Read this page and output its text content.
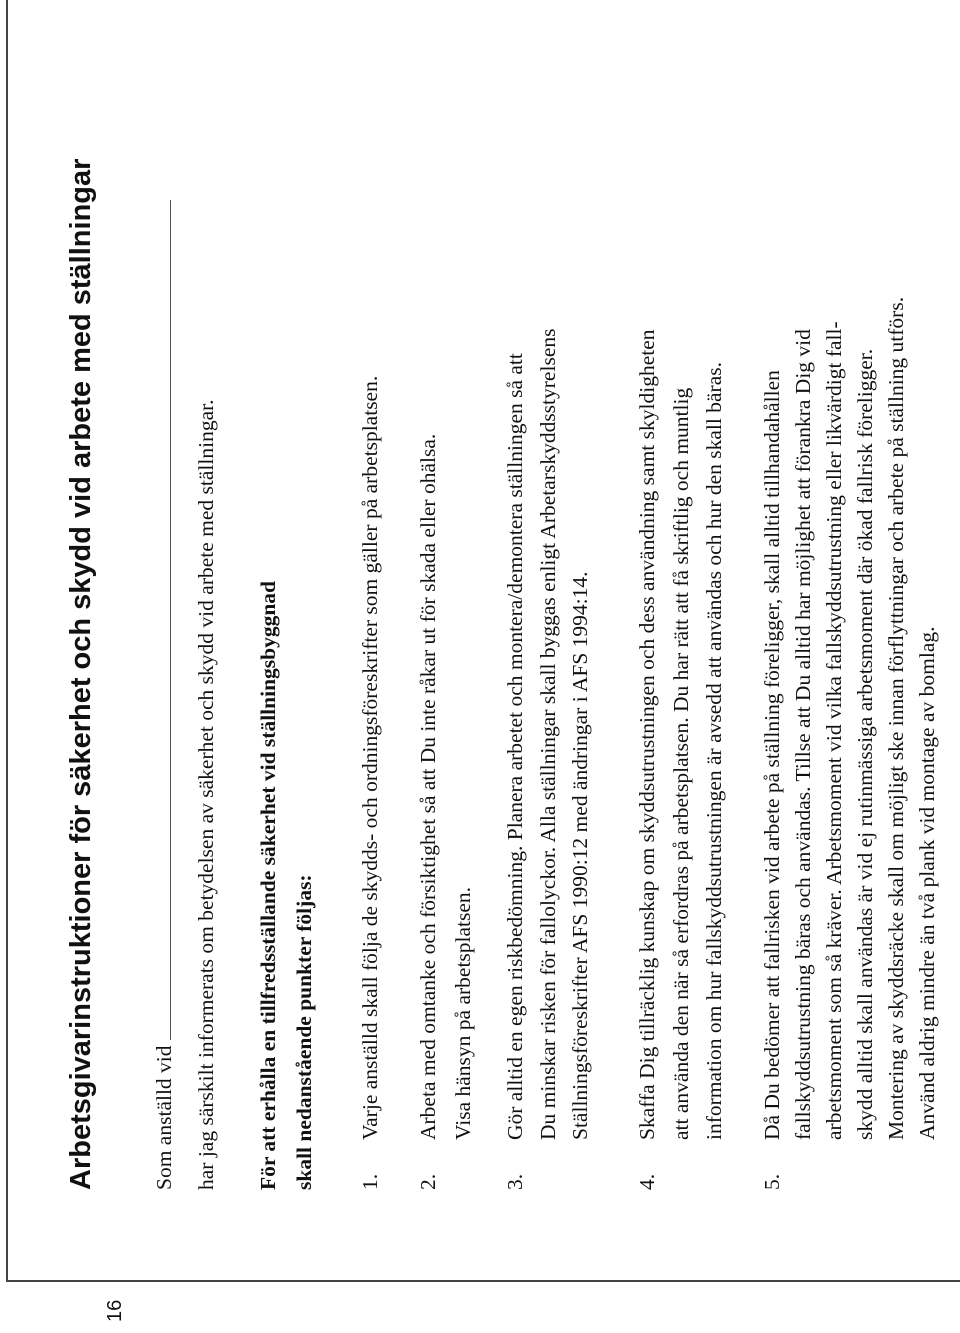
16
Arbetsgivarinstruktioner för säkerhet och skydd vid arbete med ställningar	Som anställd vid har jag särskilt informerats om betydelsen av säkerhet och skydd vid arbete med ställningar. För att erhålla en tillfredsställande säkerhet vid ställningsbyggnad skall nedanstående punkter följas: 1.
Varje anställd skall följa de skydds- och ordningsföreskrifter som gäller på arbetsplatsen.
2.
Arbeta med omtanke och försiktighet så att Du inte råkar ut för skada eller ohälsa. Visa hänsyn på arbetsplatsen.
3.
Gör alltid en egen riskbedömning. Planera arbetet och montera/demontera ställningen så att Du minskar risken för fallolyckor. Alla ställningar skall byggas enligt Arbetarskyddsstyrelsens Ställningsföreskrifter AFS 1990:12 med ändringar i AFS 1994:14.
4.
Skaffa Dig tillräcklig kunskap om skyddsutrustningen och dess användning samt skyldigheten att använda den när så erfordras på arbetsplatsen. Du har rätt att få skriftlig och muntlig information om hur fallskyddsutrustningen är avsedd att användas och hur den skall bäras.
5.
Då Du bedömer att fallrisken vid arbete på ställning föreligger, skall alltid tillhandahållen fallskyddsutrustning bäras och användas. Tillse att Du alltid har möjlighet att förankra Dig vid arbetsmoment som så kräver. Arbetsmoment vid vilka fallskyddsutrustning eller likvärdigt fall- skydd alltid skall användas är vid ej rutinmässiga arbetsmoment där ökad fallrisk föreligger. Montering av skyddsräcke skall om möjligt ske innan förflyttningar och arbete på ställning utförs. Använd aldrig mindre än två plank vid montage av bomlag.
